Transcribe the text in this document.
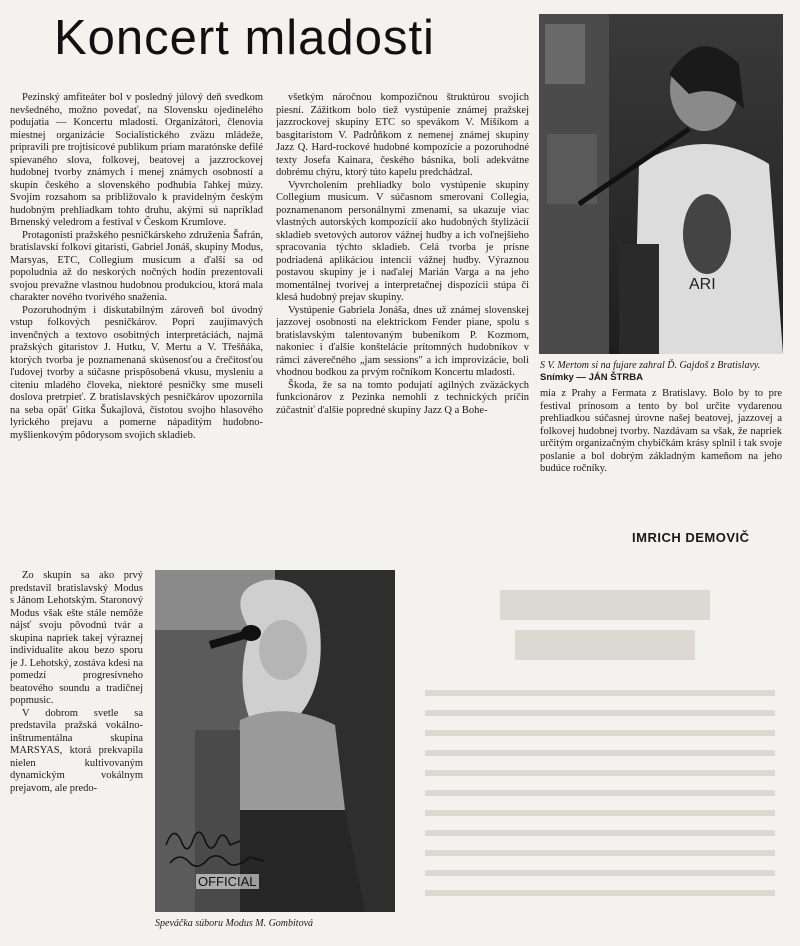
Koncert mladosti

Pezinský amfiteáter bol v posledný júlový deň svedkom nevšedného, možno povedať, na Slovensku ojedinelého podujatia — Koncertu mladosti. Organizátori, členovia miestnej organizácie Socialistického zväzu mládeže, pripravili pre trojtisícové publikum priam maratónske defilé spievaného slova, folkovej, beatovej a jazzrockovej hudobnej tvorby známych i menej známych osobností a skupín českého a slovenského podhubia ľahkej múzy. Svojím rozsahom sa približovalo k pravidelným českým hudobným prehliadkam tohto druhu, akými sú napríklad Brnenský veledrom a festival v Českom Krumlove.

Protagonisti pražského pesničkárskeho združenia Šafrán, bratislavskí folkoví gitaristi, Gabriel Jonáš, skupiny Modus, Marsyas, ETC, Collegium musicum a ďalší sa od popoludnia až do neskorých nočných hodín prezentovali svojou prevažne vlastnou hudobnou produkciou, ktorá mala charakter nového tvorivého snaženia.

Pozoruhodným i diskutabilným zároveň bol úvodný vstup folkových pesničkárov. Popri zaujímavých invenčných a textovo osobitných interpretáciách, najmä pražských gitaristov J. Hutku, V. Mertu a V. Třešňáka, ktorých tvorba je poznamenaná skúsenosťou a črečitosťou ľudovej tvorby a súčasne prispôsobená vkusu, mysleniu a citeniu mladého človeka, niektoré pesničky sme museli doslova pretrpieť. Z bratislavských pesničkárov upozornila na seba opäť Gitka Šukajlová, čistotou svojho hlasového lyrického prejavu a pomerne nápaditým hudobno-myšlienkovým pôdorysom svojich skladieb.

všetkým náročnou kompozičnou štruktúrou svojich piesní. Zážitkom bolo tiež vystúpenie známej pražskej jazzrockovej skupiny ETC so spevákom V. Mišíkom a basgitaristom V. Padrůňkom z nemenej známej skupiny Jazz Q. Hard-rockové hudobné kompozície a pozoruhodné texty Josefa Kainara, českého básnika, boli adekvátne dobrému chýru, ktorý túto kapelu predchádzal.

Vyvrcholením prehliadky bolo vystúpenie skupiny Collegium musicum. V súčasnom smerovaní Collegia, poznamenanom personálnymi zmenami, sa ukazuje viac vlastných autorských kompozícií ako hudobných štylizácií skladieb svetových autorov vážnej hudby a ich voľnejšieho spracovania týchto skladieb. Celá tvorba je prísne podriadená aplikáciou intencií vážnej hudby. Výraznou postavou skupiny je i naďalej Marián Varga a na jeho momentálnej tvorivej a interpretačnej dispozícii stúpa či klesá hudobný prejav skupiny.

Vystúpenie Gabriela Jonáša, dnes už známej slovenskej jazzovej osobnosti na elektrickom Fender piane, spolu s bratislavským talentovaným bubeníkom P. Kozmom, nakoniec i ďalšie konštelácie prítomných hudobníkov v rámci záverečného „jam sessions" a ich improvizácie, boli vhodnou bodkou za prvým ročníkom Koncertu mladosti.

Škoda, že sa na tomto podujatí agilných zväzáckych funkcionárov z Pezinka nemohli z technických príčin zúčastniť ďalšie popredné skupiny Jazz Q a Bohe-

ARI
S V. Mertom si na fujare zahral Ď. Gajdoš z Bratislavy. Snímky — JÁN ŠTRBA

mia z Prahy a Fermata z Bratislavy. Bolo by to pre festival prínosom a tento by bol určite vydarenou prehliadkou súčasnej úrovne našej beatovej, jazzovej a folkovej hudobnej tvorby. Nazdávam sa však, že napriek určitým organizačným chybičkám krásy splnil i tak svoje poslanie a bol dobrým základným kameňom na jeho budúce ročníky.

IMRICH DEMOVIČ

Zo skupín sa ako prvý predstavil bratislavský Modus s Jánom Lehotským. Staronový Modus však ešte stále nemôže nájsť svoju pôvodnú tvár a skupina napriek takej výraznej individualite akou bezo sporu je J. Lehotský, zostáva kdesi na pomedzí progresívneho beatového soundu a tradičnej popmusic.

V dobrom svetle sa predstavila pražská vokálno-inštrumentálna skupina MARSYAS, ktorá prekvapila nielen kultivovaným dynamickým vokálnym prejavom, ale predo-

OFFICIAL
Speváčka súboru Modus M. Gombitová
